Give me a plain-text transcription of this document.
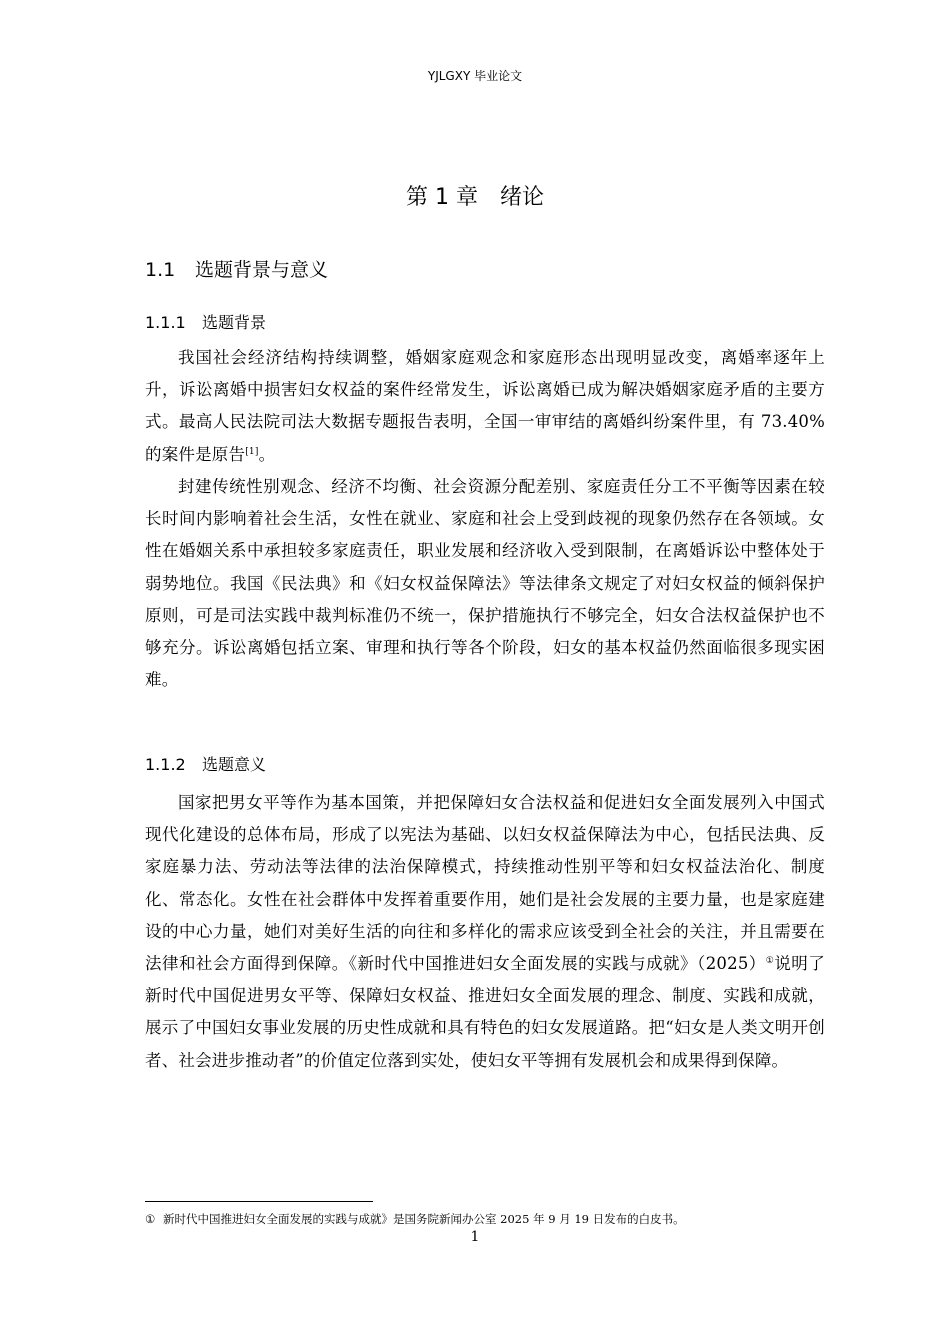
YJLGXY 毕业论文
第 1 章 绪论
1.1 选题背景与意义
1.1.1 选题背景

我国社会经济结构持续调整，婚姻家庭观念和家庭形态出现明显改变，离婚率逐年上升，诉讼离婚中损害妇女权益的案件经常发生，诉讼离婚已成为解决婚姻家庭矛盾的主要方式。最高人民法院司法大数据专题报告表明，全国一审审结的离婚纠纷案件里，有 73.40%的案件是原告[1]。

封建传统性别观念、经济不均衡、社会资源分配差别、家庭责任分工不平衡等因素在较长时间内影响着社会生活，女性在就业、家庭和社会上受到歧视的现象仍然存在各领域。女性在婚姻关系中承担较多家庭责任，职业发展和经济收入受到限制，在离婚诉讼中整体处于弱势地位。我国《民法典》和《妇女权益保障法》等法律条文规定了对妇女权益的倾斜保护原则，可是司法实践中裁判标准仍不统一，保护措施执行不够完全，妇女合法权益保护也不够充分。诉讼离婚包括立案、审理和执行等各个阶段，妇女的基本权益仍然面临很多现实困难。

1.1.2 选题意义

国家把男女平等作为基本国策，并把保障妇女合法权益和促进妇女全面发展列入中国式现代化建设的总体布局，形成了以宪法为基础、以妇女权益保障法为中心，包括民法典、反家庭暴力法、劳动法等法律的法治保障模式，持续推动性别平等和妇女权益法治化、制度化、常态化。女性在社会群体中发挥着重要作用，她们是社会发展的主要力量，也是家庭建设的中心力量，她们对美好生活的向往和多样化的需求应该受到全社会的关注，并且需要在法律和社会方面得到保障。《新时代中国推进妇女全面发展的实践与成就》（2025）①说明了新时代中国促进男女平等、保障妇女权益、推进妇女全面发展的理念、制度、实践和成就，展示了中国妇女事业发展的历史性成就和具有特色的妇女发展道路。把“妇女是人类文明开创者、社会进步推动者”的价值定位落到实处，使妇女平等拥有发展机会和成果得到保障。

① 新时代中国推进妇女全面发展的实践与成就》是国务院新闻办公室 2025 年 9 月 19 日发布的白皮书。
1
